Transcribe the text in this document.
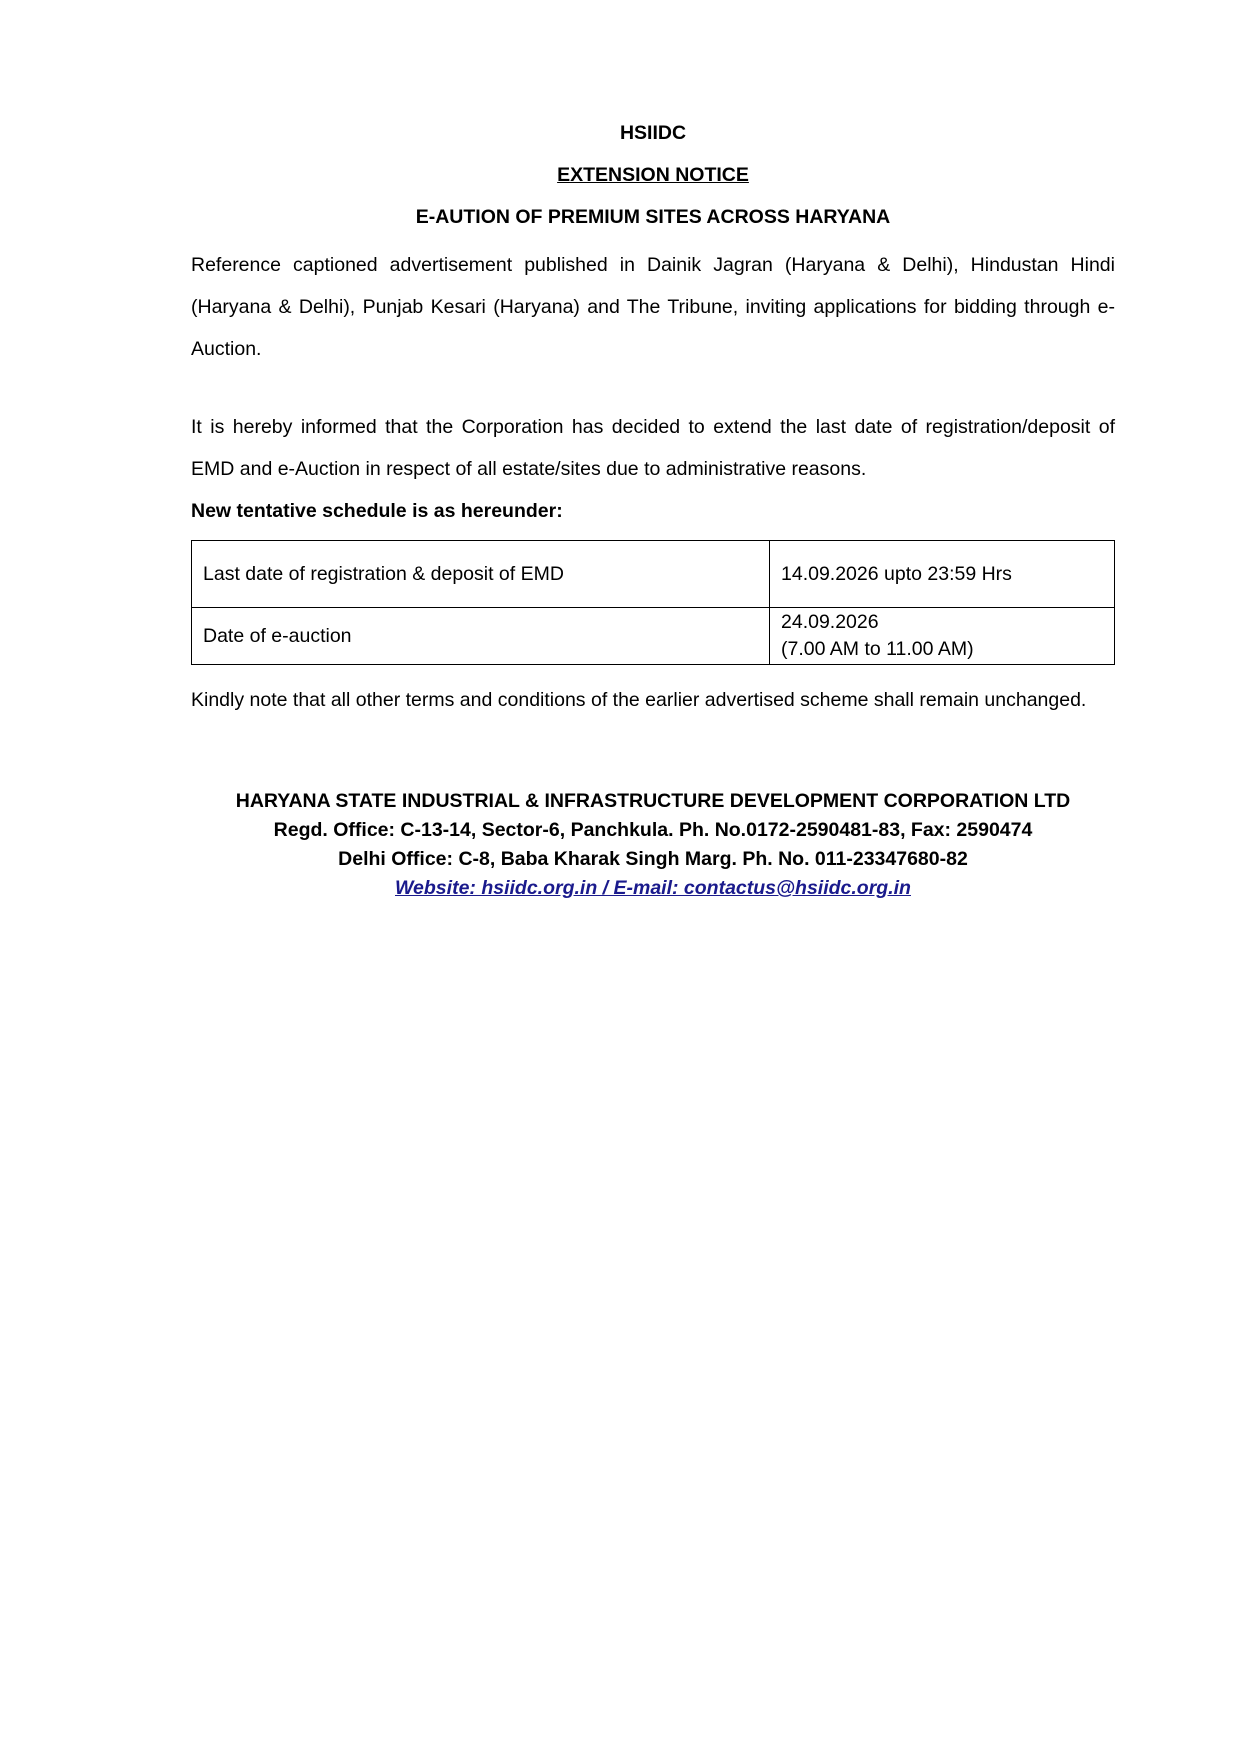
HSIIDC
EXTENSION NOTICE
E-AUTION OF PREMIUM SITES ACROSS HARYANA

Reference captioned advertisement published in Dainik Jagran (Haryana & Delhi), Hindustan Hindi (Haryana & Delhi), Punjab Kesari (Haryana) and The Tribune, inviting applications for bidding through e-Auction.

It is hereby informed that the Corporation has decided to extend the last date of registration/deposit of EMD and e-Auction in respect of all estate/sites due to administrative reasons.

New tentative schedule is as hereunder:
Last date of registration & deposit of EMD	14.09.2026 upto 23:59 Hrs
Date of e-auction	24.09.2026
(7.00 AM to 11.00 AM)

Kindly note that all other terms and conditions of the earlier advertised scheme shall remain unchanged.

HARYANA STATE INDUSTRIAL & INFRASTRUCTURE DEVELOPMENT CORPORATION LTD
Regd. Office: C-13-14, Sector-6, Panchkula. Ph. No.0172-2590481-83, Fax: 2590474
Delhi Office: C-8, Baba Kharak Singh Marg. Ph. No. 011-23347680-82
Website: hsiidc.org.in / E-mail: contactus@hsiidc.org.in
